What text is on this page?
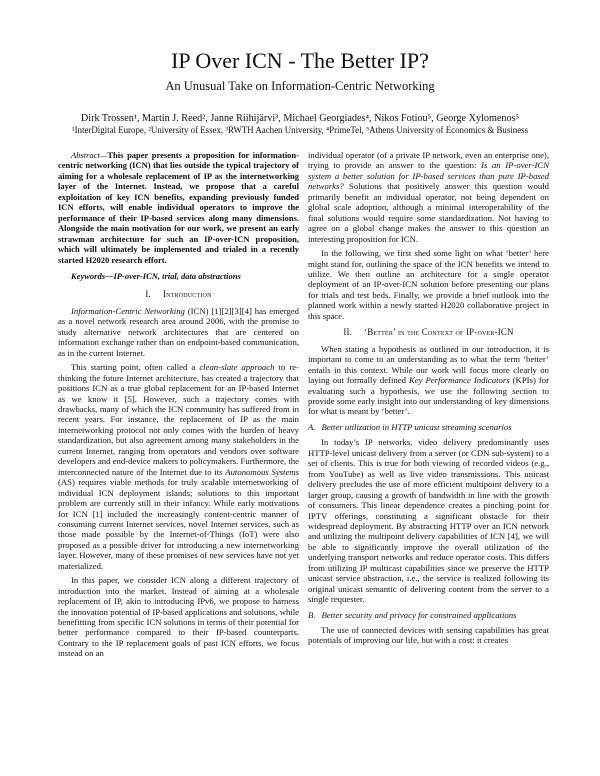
IP Over ICN - The Better IP?
An Unusual Take on Information-Centric Networking
Dirk Trossen¹, Martin J. Reed², Janne Riihijärvi³, Michael Georgiades⁴, Nikos Fotiou⁵, George Xylomenos⁵
¹InterDigital Europe, ²University of Essex, ³RWTH Aachen University, ⁴PrimeTel, ⁵Athens University of Economics & Business

Abstract—This paper presents a proposition for information-centric networking (ICN) that lies outside the typical trajectory of aiming for a wholesale replacement of IP as the internetworking layer of the Internet. Instead, we propose that a careful exploitation of key ICN benefits, expanding previously funded ICN efforts, will enable individual operators to improve the performance of their IP-based services along many dimensions. Alongside the main motivation for our work, we present an early strawman architecture for such an IP-over-ICN proposition, which will ultimately be implemented and trialed in a recently started H2020 research effort.

Keywords—IP-over-ICN, trial, data abstractions

I. Introduction

Information-Centric Networking (ICN) [1][2][3][4] has emerged as a novel network research area around 2006, with the promise to study alternative network architectures that are centered on information exchange rather than on endpoint-based communication, as in the current Internet.

This starting point, often called a clean-slate approach to re-thinking the future Internet architecture, has created a trajectory that positions ICN as a true global replacement for an IP-based Internet as we know it [5]. However, such a trajectory comes with drawbacks, many of which the ICN community has suffered from in recent years. For instance, the replacement of IP as the main internetworking protocol not only comes with the burden of heavy standardization, but also agreement among many stakeholders in the current Internet, ranging from operators and vendors over software developers and end-device makers to policymakers. Furthermore, the interconnected nature of the Internet due to its Autonomous Systems (AS) requires viable methods for truly scalable internetworking of individual ICN deployment islands; solutions to this important problem are currently still in their infancy. While early motivations for ICN [1] included the increasingly content-centric manner of consuming current Internet services, novel Internet services, such as those made possible by the Internet-of-Things (IoT) were also proposed as a possible driver for introducing a new internetworking layer. However, many of these promises of new services have not yet materialized.

In this paper, we consider ICN along a different trajectory of introduction into the market. Instead of aiming at a wholesale replacement of IP, akin to introducing IPv6, we propose to harness the innovation potential of IP-based applications and solutions, while benefitting from specific ICN solutions in terms of their potential for better performance compared to their IP-based counterparts. Contrary to the IP replacement goals of past ICN efforts, we focus instead on an

individual operator (of a private IP network, even an enterprise one), trying to provide an answer to the question: Is an IP-over-ICN system a better solution for IP-based services than pure IP-based networks? Solutions that positively answer this question would primarily benefit an individual operator, not being dependent on global scale adoption, although a minimal interoperability of the final solutions would require some standardization. Not having to agree on a global change makes the answer to this question an interesting proposition for ICN.

In the following, we first shed some light on what ‘better’ here might stand for, outlining the space of the ICN benefits we intend to utilize. We then outline an architecture for a single operator deployment of an IP-over-ICN solution before presenting our plans for trials and test beds. Finally, we provide a brief outlook into the planned work within a newly started H2020 collaborative project in this space.

II. ‘Better’ in the Context of IP-over-ICN

When stating a hypothesis as outlined in our introduction, it is important to come to an understanding as to what the term ‘better’ entails in this context. While our work will focus more clearly on laying out formally defined Key Performance Indicators (KPIs) for evaluating such a hypothesis, we use the following section to provide some early insight into our understanding of key dimensions for what is meant by ‘better’.

A. Better utilization in HTTP unicast streaming scenarios

In today’s IP networks, video delivery predominantly uses HTTP-level unicast delivery from a server (or CDN sub-system) to a set of clients. This is true for both viewing of recorded videos (e.g., from YouTube) as well as live video transmissions. This unicast delivery precludes the use of more efficient multipoint delivery to a larger group, causing a growth of bandwidth in line with the growth of consumers. This linear dependence creates a pinching point for IPTV offerings, constituting a significant obstacle for their widespread deployment. By abstracting HTTP over an ICN network and utilizing the multipoint delivery capabilities of ICN [4], we will be able to significantly improve the overall utilization of the underlying transport networks and reduce operator costs. This differs from utilizing IP multicast capabilities since we preserve the HTTP unicast service abstraction, i.e., the service is realized following its original unicast semantic of delivering content from the server to a single requester.

B. Better security and privacy for constrained applications

The use of connected devices with sensing capabilities has great potentials of improving our life, but with a cost: it creates
